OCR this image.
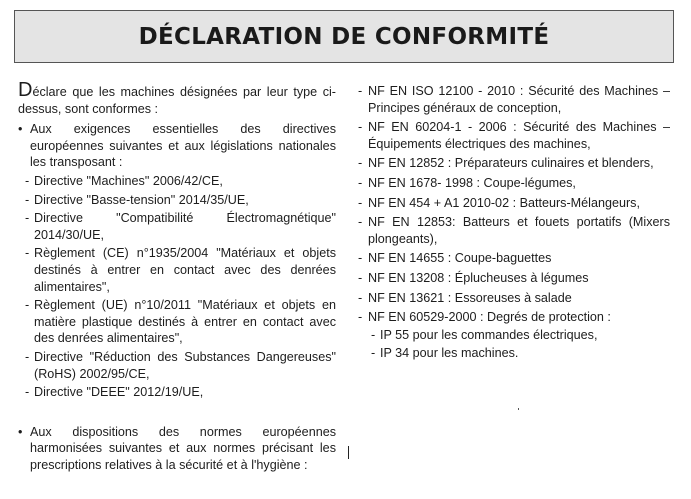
DÉCLARATION DE CONFORMITÉ

Déclare que les machines désignées par leur type ci-dessus, sont conformes :

• Aux exigences essentielles des directives européennes suivantes et aux législations nationales les transposant :
- Directive "Machines" 2006/42/CE,
- Directive "Basse-tension" 2014/35/UE,
- Directive "Compatibilité Électromagnétique" 2014/30/UE,
- Règlement (CE) n°1935/2004 "Matériaux et objets destinés à entrer en contact avec des denrées alimentaires",
- Règlement (UE) n°10/2011 "Matériaux et objets en matière plastique destinés à entrer en contact avec des denrées alimentaires",
- Directive "Réduction des Substances Dangereuses" (RoHS) 2002/95/CE,
- Directive "DEEE" 2012/19/UE,
• Aux dispositions des normes européennes harmonisées suivantes et aux normes précisant les prescriptions relatives à la sécurité et à l'hygiène :
- NF EN ISO 12100 - 2010 : Sécurité des Machines – Principes généraux de conception,
- NF EN 60204-1 - 2006 : Sécurité des Machines – Équipements électriques des machines,
- NF EN 12852 : Préparateurs culinaires et blenders,
- NF EN 1678- 1998 : Coupe-légumes,
- NF EN 454 + A1 2010-02 : Batteurs-Mélangeurs,
- NF EN 12853: Batteurs et fouets portatifs (Mixers plongeants),
- NF EN 14655 : Coupe-baguettes
- NF EN 13208 : Éplucheuses à légumes
- NF EN 13621 : Essoreuses à salade
- NF EN 60529-2000 : Degrés de protection :
- IP 55 pour les commandes électriques,
- IP 34 pour les machines.
